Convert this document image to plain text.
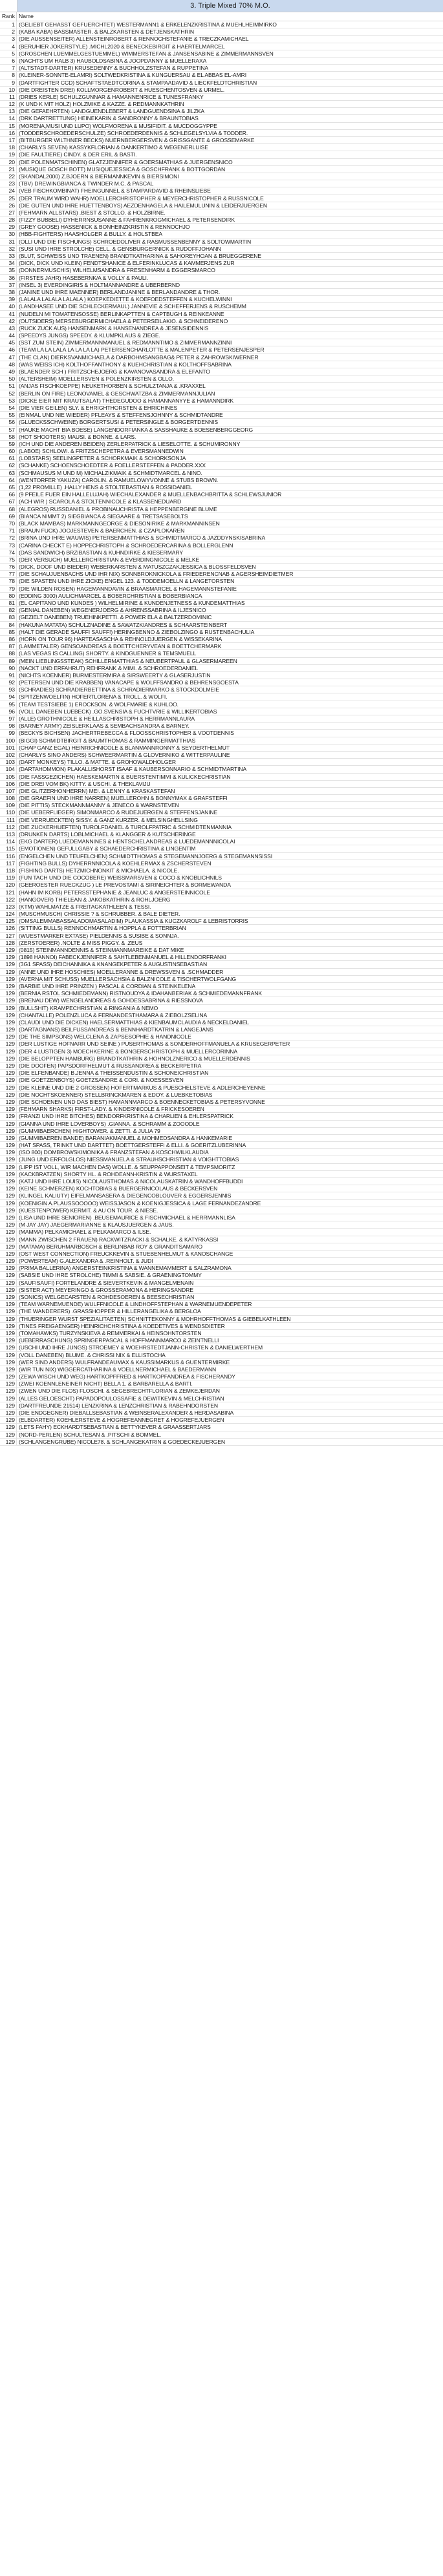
3. Triple Mixed 70% M.O.
Rank Name
1 (GELIEBT GEHASST GEFUERCHTET) WESTERMANN1 & ERKELENZKRISTINA & MUEHLHEIMMIRKO
2 (KABA KABA) BASSMASTER. & BALZKARSTEN & DETJENSKATHRIN
3 (DIE AUSSENSEITER) ALLENSTEINROBERT & RENNOCHSTEFANIE & TRECZKAMICHAEL
4 (BERUHIER JOKERSTYLE) .MICHL2020 & BENECKEBIRGIT & HAERTELMARCEL
5 (GROSCHEN LUEMMELGESTUEMMEL) WIMMERSTEFAN & JANSENSABINE & ZIMMERMANNSVEN
6 (NACHTS UM HALB 3) HAUBOLDSABINA & JOOPDANNY & MUELLERAXA
7 (ALTSTADT-DARTER) KRUSEDENNY & BUCHHOLZSTEFAN & RUPPETINA
8 (KLEINER-SONNTE-ELAMRI) SOLTWEDKRISTINA & KUNGUERSAU & EL ABBAS EL-AMRI
9 (DARTFIGHTER CCD) SCHAFTSTAEDTCORINA & STAMPAADAVID & LIECKFELDTCHRISTIAN
10 (DIE DREISTEN DREI) KOLLMORGENROBERT & HUESCHENTOSVEN & URMEL.
11 (DRIES KERLE) SCHULZGUNNAR & HAMANNENRICE & TUNESFRANKY
12 (K UND K MIT HOLZ) HOLZMIKE & KAZZE. & REDMANNKATHRIN
13 (DIE GEFAEHRTEN) LANDGUENDLEBERT & LANDGUENDSINA & JILZKA
14 (DRK DARTRETTUNG) HEINEKARIN & SANDRONNY & BRAUNTOBIAS
15 (MORENA,MUSI UND LUPO) WOLFMORENA & MUSIFIDIT. & MUCDOGGYPPE
16 (TODDERSCHROEDERSCHULZE) SCHROEDERDENNIS & SCHLEGELSYLVIA & TODDER.
17 (BITBURGER WILTHNER BECKS) NUERNBERGERSVEN & GRISSGANTE & GROSSEMARKE
18 (CHARLYS SEVEN) KASSYKFLORIAN & DANKERTIMO & WEGENERLUISE
19 (DIE FAULTIERE) CINDY. & DER ERIL & BASTI.
20 (DIE POLENMATSCHINEN) GLATZJENNIFER & GOERSMATHIAS & JUERGENSNICO
21 (MUSIQUE GOSCH BOTT) MUSIQUEJESSICA & GOSCHFRANK & BOTTGORDAN
22 (SKANDAL2000) Z.BJOERN & BIERMANNKEVIN & BIERSIMONI
23 (TBV) DREWINGBIANCA & TWINDER M.C. & PASCAL
24 (VEB FISCHKOMBINAT) FHEINGUNNEL & STAMPARDAVID & RHEINSLIEBE
25 (DER TRAUM WIRD WAHR) MOELLERCHRISTOPHER & MEYERCHRISTOPHER & RUSSNICOLE
26 (DIE GUTEN UND IHRE HUETTENBOYS) AEZDENHAGELA & HAILEMULUNIN & LEIDERJUERGEN
27 (FEHMARN ALLSTARS) .BIEST & STOLLO. & HOLZBIRNE.
28 (FIZZY BUBBELI) DYHERRNSUSANNE & FAHRENKROGMICHAEL & PETERSENDIRK
29 (GREY GOOSE) HASSENICK & BONHEINZKRISTIN & RENNOCHJO
30 (HBB-FIGHTERS) HAASHOLGER & BULLY. & HOLSTBEA
31 (OLLI UND DIE FISCHUNGS) SCHROEDOLIVER & RASMUSSENBENNY & SOLTOWMARTIN
32 (SUSI UND IHRE STROLCHE) CELL. & GENSBURGERNICK & RUDOFFJOHANN
33 (BLUT, SCHWEISS UND TRAENEN) BRANDTKATHARINA & SAHOREYHOAN & BRUEGGERENE
34 (DICK, DICK UND KLEIN) FENDTSHANICE & ELFERINKLUCAS & KAMMERJENS ZUR
35 (DONNERMUSCHIS) WILHELMSANDRA & FRESENHARM & EGGERSMARCO
36 (FIRSTES JAHR) HASEBERNK/A & VOLLY & PAULI.
37 (INSEL 3) EVERDINGIRIS & HOLTMANNANDRE & UBERBERND
38 (JANINE UND IHRE MAENNER) BERLANDJANINE & BERLANDANDRE & THOR.
39 (LALALA LALALA LALALA ) KOEPKEDIETTE & KOEFOEDSTEFFEN & KUCHELWINNI
40 (LANDHASEE UND DIE SCHLECKERMAUL) JANNEVIE & SCHEFFERJENS & RUSCHEMM
41 (NUDELN MI TOMATENSOSSE) BERLINKAPTTEN & CAPTBUGH & REINKEANNE
42 (OUTSIDERS) MERSEBURGERMICHAELA & PETERSEILAKIO. & SCHNEIDERENO
43 (RUCK ZUCK AUS) HANSENMARK & HANSENANDREA & JESENSIDENNIS
44 (SPEEDYS JUNGS) SPEEDY. & KLUMPKLAUS & ZIEGE.
45 (SST ZUM STEIN) ZIMMERMANNMANUEL & REDMANNTIMO & ZIMMERMANNZINNI
46 (TEAM LA LA LALA LA LA LA LA) PETERSENCHARLOTTE & MALENPETER & PETERSENJESPER
47 (THE CLAN) DIERKSVANMICHAELA & DARBOHMSANGBAG& PETER & ZAHROWSKIWERNER
48 (WAS WEISS ICH) KOLTHOFFANTHONY & KUEHCHRISTIAN & KOLTHOFFSABRINA
49 (BLAENDER SCH ) FRITZSCHEJOERG & KAVANOVASANDRA & ELEFANTO
50 (ALTERSHEIM) MOELLERSVEN & POLENZKIRSTEN & OLLO.
51 (ANJAS FISCHKOEPPE) NEUKETHORBEN & SCHULZTANJA & .KRAXXEL
52 (BERLIN ON FIRE) LEONOVAMEL & GESCHWATZBA & ZIMMERMANNJULIAN
53 (DICKE EIER MIT KRAUTSALAT) THEDEGUDOO & HAMANNANYYE & HAMANNDIRK
54 (DIE VIER GEILEN) SLY. & EHRIGHTHORSTEN & EHRICHINES
55 (EINMAL UND NIE WIEDER) PFLEAYS & STEFFENSJOHNNY & SCHMIDTANDRE
56 (GLUECKSSCHWEINE) BORGERTSUSI & PETERSINGLE & BORGERTDENNIS
57 (HAUKE MACHT BIA BOESE) LANGENDORFIANKA & SASSHAUKE & BOESENBERGGEORG
58 (HOT SHOOTERS) MAUSI. & BONNE. & LARS.
59 (ICH UND DIE ANDEREN BEIDEN) ZERLERPATRICK & LIESELOTTE. & SCHUMIRONNY
60 (LABOE) SCHLOWI. & FRITZSCHEPETRA & EVERSMANNEDWIN
61 (LOBSTARS) SEELINGPETER & SCHORKMAIK & SCHORKSONJA
62 (SCHANKE) SCHOENSCHOEDTER & FOELLERSTEFFEN & PADDER.XXX
63 (SCHMAUSUS M UND M) MICHALZIKMAIK & SCHMIDTMARCEL & NINO.
64 (WENTORFER YAKUZA) CAROLIN. & RAMUELOWYVONNE & STUBS BROWN.
65 (1,22 PROMILLE) .HALLY HENS & STOLTEBASTIAN & ROSSIDANIEL
66 (9 PFEILE FUER EIN HALLELUJAH) WIECHALEXANDER & MUELLENBACHBRITTA & SCHLEWSJUNIOR
67 (ACH WIR ) SCAROLA & STOLTENNICOLE & KLASSENEDUARD
68 (ALEGROS) RUSSDANIEL & PROBINAUCHRISTA & HEPPENBERGINE BLUME
69 (BIANCA NIMMT 2) SIEGBIANCA & SIEGAARE & TRETSASEBOLTS
70 (BLACK MAMBAS) MARKMANNGEORGE & DIESONIRIKE & MARKMANNINSEN
71 (BRAUN FUCK) JOOJESTEVEN & BAERCHEN. & CZAPLOKAREN
72 (BRINA UND IHRE WAUWIS) PETERSENMATTHIAS & SCHMIDTMARCO & JAZDDYNSKISABRINA
73 (CARINA CHECKT E) HOPPECHRISTOPH & SCHROEDERCARINA & BOLLERGLENN
74 (DAS SANDWICH) BRZIBASTIAN & KUHNDIRKE & KIESERMARY
75 (DER VERSUCH) MUELLERCHRISTIAN & EVERDINGNICOLE & MELKE
76 (DICK, DOOF UND BIEDER) WEBERKARSTEN & MATUSZCZAKJESSICA & BLOSSFELDSVEN
77 (DIE SCHAUJUENBACHS UND IHR NIX) SONNBROKNICKOLA & FRIEDERENCNAB & AGERSHEIMDIETMER
78 (DIE SPASTEN UND IHRE ZICKE) ENGEL 123. & TODDEMOELLN & LANGETORSTEN
79 (DIE WILDEN ROSEN) HAGEMANNDAVIN & BRAASMARCEL & HAGEMANNSTEFANIE
80 (EDDING 3000) AULICHMARCEL & BOBERCHRISTIAN & BOBERBIANCA
81 (EL CAPITANO UND KUNDES ) WILHELMIRINE & KUNDENJETNESS & KUNDEMATTHIAS
82 (GENIAL DANEBEN) WEGENERJOERG & AHRENSSABRINA & ILJESNICO
83 (GEZIELT DANEBEN) TRUEHINKPETTI. & POWER ELA & BALTZERDOMINIC
84 (HAKUNA MATATA) SCHULZNADINE & SAWATZKIANDRES & SCHAARSTEINBERT
85 (HALT DIE GERADE SAUFFI SAUFF!) HERINGBENNO & ZIEBOLZINGO & RUSTENBACHULIA
86 (HORN ON TOUR 96) HARTEASASCHA & REHNOLDJUERGEN & WISSEKARINA
87 (LAMMETALER) GENSOANDREAS & BOETTCHERYVEAN & BOETTCHERMARK
88 (LAS VEGAS IS CALLING) SHORTY. & KINDGUENNER & TEMSMUELL
89 (MEIN LIEBLINGSSTEAK) SCHILLERMATTHIAS & NEUBERTPAUL & GLASERMAREEN
90 (NACKT UND ERFAHRUT) REHFRANK & MIMI. & SCHROEDERDANIEL
91 (NICHTS KOENNER) BURMESTERMIRA & SIRSWEERTY & GLASERJUSTIN
92 (PETERSEN UND DIE KRABBEN) VANACAPE & WOLFFSANDRO & BEHRENSGOESTA
93 (SCHRADIES) SCHRADIERBETTINA & SCHRADIERMARKO & STOCKDOLMEIE
94 (SPITZENWOELFIN) HOFERTLORENA & TROLL. & WOLFI.
95 (TEAM TESTSIEBE 1) EROCKSON. & WOLFMARIE & KUHLOO.
96 (VOLL DANEBEN LUEBECK) .GO.SVENSIA & FUCHTVRIE & WILLIKERTOBIAS
97 (ALLE) GROTHNICOLE & HEILLASCHRISTOPH & HERRMANNLAURA
98 (BARNEY ARMY) ZEISLERKLAAS & SEMBACHSANDRA & BARNEY.
99 (BECKYS BICHSEN) JACHERTREBECCA & FLOOSSCHRISTOPHER & VOOTDENNIS
100 (BIGGI) SCHMIDTBIRGIT & BAUMTHOMAS & RAMMINGERMATTHIAS
101 (CHAP GANZ EGAL) HEINRICHNICOLE & BLANMANNRONNY & SEYDERTHELMUT
102 (CHARLYS SINO ANDERS) SCHWEERMARTIN & GLOVERNIKO & WITTERPAULINE
103 (DART MONKEYS) TILLO. & MATTE. & GROHOWALDHOLGER
104 (DARTAHOMMON) PLAKALLISHORST ISAAF & KAUBERSONNARIO & SCHMIDTMARTINA
105 (DIE FASSGEZICHEN) HAESKEMARTIN & BUERSTENTIMMI & KULICKECHRISTIAN
106 (DIE DREI VOM BK) KITTY. & USCHI. & THEKLAVIJU
107 (DIE GLITZERHONHERRN) MEI. & LENNY & KRASKASTEFAN
108 (DIE GRAEFIN UND IHRE NARREN) MUELLEROHN & BONNYMAX & GRAFSTEFFI
109 (DIE PITTIS) STECKMANNMANNY & JENECO & WARNSTEVEN
110 (DIE UEBERFLIEGER) SIMONMARCO & RUDEJUERGEN & STEFFENSJANINE
111 (DIE VERRUECKTEN) SISSY. & GANZ KURZER. & MELSINGHELLSING
112 (DIE ZUCKERHUEFTEN) TUROLFDANIEL & TUROLFPATRIC & SCHMIDTENMANNIA
113 (DRUNKEN DARTS) LOBLMICHAEL & KLANGGER & KUTSCHERINGE
114 (EKG DARTER) LUEDEMANNINES & HENTSCHELANDREAS & LUEDEMANNNICOLAI
115 (EMOTIONEN) GEFULLGABY & SCHAEDERCHRISTINA & LINGENTIM
116 (ENGELCHEN UND TEUFELCHEN) SCHMIDTTHOMAS & STEGEMANNJOERG & STEGEMANNSISSI
117 (FIGHTING BULLS) DYHERRNNICOLA & KOEHLERMAX & ZSCHERSTEVEN
118 (FISHING DARTS) HETZMICHNONKIT & MICHAELA. & NICOLE.
119 (FUN TACH UND DIE COCOBERE) WEISSMARSVEN & COCO & KNOBLICHNILS
120 (GEEROESTER RUECKZUG ) LE PREVOSTAMI & SIRINEICHTER & BORMEWANDA
121 (HAHN IM KORB) PETERSSTEPHANIE & JEANLUC & ANGERSTEINNICOLE
122 (HANGOVER) THIELEAN & JAKOBKATHRIN & ROHLJOERG
123 (KTM) WAHLMATZE & FREITAGKATHLEEN & TESSI.
124 (MUSCHMUSCH) CHRISSIE ? & SCHRUBBER. & BALE DIETER.
125 (OMSALEMMABASSALADOMASALADIM) PLAUKASSIA & KUCZKAROLF & LEBRISTORRIS
126 (SITTING BULLS) RENNOCHMARTIN & HOPPLA & FOTTERBRIAN
127 (WUESTMARKER EXTASE) PIELDENNIS & SUSIBE & SONNJA.
128 (ZERSTOERER) .NOLTE & MISS PIGGY. & .ZEUS
129 (0815) STEINMANNDENNIS & STEINMANNMAREIKE & DAT MIKE
129 (1898 HANNOI) FABECKJENNIFER & SAHTLEBENMANUEL & HILLENDORFRANKI
129 (3G1 SPASS) DEICHANNIKA & KNANGEKPETER & AUGUSTINSEBASTIAN
129 (ANNE UND IHRE HOSCHIES) MOELLERANNE & DREWSSVEN & .SCHMADDER
129 (AVERNA MIT SCHUSS) MUELLERSACHSIA & BALZNICOLE & TISCHERTWOLFGANG
129 (BARBIE UND IHRE PRINZEN ) PASCAL & CORDIAN & STEINKELENA
129 (BERNIA RSTOL SCHMIEDEMANN) RISTNOUDYA & IDAHANBERIAK & SCHMIEDEMANNFRANK
129 (BRENAU DEW) WENGELANDREAS & GOHDESSABRINA & RIESSNOVA
129 (BULLSHIT) KRAMPECHRISTIAN & RINGANIA & NEMO
129 (CHANTALLE) POLENZLUCA & FERNANDESTHAMARA & ZIEBOLZSELINA
129 (CLAUDI UND DIE DICKEN) HAELSERMATTHIAS & KIENBAUMCLAUDIA & NECKELDANIEL
129 (DARTAGNANS) BEILFUSSANDREAS & BENNHARDTKATRIN & LANGEJANS
129 (DE THE SIMPSONS) WELCLENA & ZAPSESOPHIE & HANDNICOLE
129 (DER LUSTIGE HOFNARR UND SEINE ) PUSERTHOMAS & SONDERHOFFMANUELA & KRUSEGERPETER
129 (DER 4 LUSTIGEN 3) MOECHKERINE & BONGERSCHRISTOPH & MUELLERCORINNA
129 (DIE BELOPPTEN HAMBURG) BRANDTKATHRIN & HOHNOLZNERICO & MUELLERDENNIS
129 (DIE DOOFEN) PAPSDORFHELMUT & RUSSANDREA & BECKERPETRA
129 (DIE ELFENBANDE) B.JENNA & THEISSENDUSTIN & SCHONEICHRISTIAN
129 (DIE GOETZENBOYS) GOETZSANDRE & CORI. & NOESSESVEN
129 (DIE KLEINE UND DIE 2 GROSSEN) HOFERTMARKUS & PUESCHELSTEVE & ADLERCHEYENNE
129 (DIE NOCHTSKOENNER) STELLBRINCKMAREN & EDOY. & LUEBKETOBIAS
129 (DIE SCHOENEN UND DAS BIEST) HAMANNMARCO & BOENNECKETOBIAS & PETERSYVONNE
129 (FEHMARN SHARKS) FIRST-LADY. & KINDERNICOLE & FRICKESOEREN
129 (FRANZI UND IHRE BITCHES) BENDORFKRISTINA & CHARLIEN & EHLERSPATRICK
129 (GIANNA UND IHRE LOVERBOYS) .GIANNA. & SCHRAMM & ZOOODLE
129 (GUMMIBAERCHEN) HIGHTOWER. & ZETTI. & JULIA 79
129 (GUMMIBAEREN BANDE) BARANIAKMANUEL & MOHMEDSANDRA & HANKEMARIE
129 (HAT SPASS, TRINKT UND DARTTET) BOETTGERSTEFFI & ELLI. & GOERITZLUBERINNA
129 (ISO 800) DOMBROWSKIMONIKA & FRANZSTEFAN & KOSCHWILKLAUDIA
129 (JUNG UND ERFOLGLOS) NIESSMANUELA & STRAUHSCHRISTIAN & VOIGHTTOBIAS
129 (LIPP IST VOLL, WIR MACHEN DAS) WOLLE. & SEUPPAPPONSEIT & TEMPSMORITZ
129 (KACKBRATZEN) SHORTY HL. & ROHDEANN-KRISTIN & WURSTAXEL
129 (KATJ UND IHRE LOUIS) NICOLAUSTHOMAS & NICOLAUSKATRIN & WANDHOFFBUDDI
129 (KEINE SCHMERZEN) KOCHTOBIAS & BUERGERNICOLAUS & BECKERSVEN
129 (KLINGEL KALIUTY) EIFELMANSASERA & DIEGENCOBLOUVER & EGGERSJENNIS
129 (KOENIGIN A.PLAUSSOOOOO) WEISSJASON & KOENIGJESSICA & LAGE FERNANDEZANDRE
129 (KUESTENPOWER) KERMIT. & AU ON TOUR. & NIESE.
129 (LISA UND IHRE SENIOREN) .BEUSEMAURICE & FISCHMICHAEL & HERRMANNLISA
129 (M JAY JAY) JAEGERMARIANNE & KLAUSJUERGEN & JAUS.
129 (MAMMA) PELKAMICHAEL & PELKAMARCO & ILSE.
129 (MANN ZWISCHEN 2 FRAUEN) RACKWITZRACKI & SCHALKE. & KATYRKASSI
129 (MATAMA) BERUHMARBOSCH & BERLINBAB ROY & GRANDITSAMARO
129 (OST WEST CONNECTION) FREUCKKEVIN & STUEBENHELMUT & KANOSCHANGE
129 (POWERTEAM) G.ALEXANDRA & .REINHOLT. & JUDI
129 (PRIMA BALLERINA) ANGERSTEINKRISTINA & WANNEMAMMERT & SALZRAMONA
129 (SABSIE UND IHRE STROLCHE) TIMMI & SABSIE. & GRAENINGTOMMY
129 (SAUFISAUFI) FORTELANDRE & SIEVERTKEVIN & MANGELMENAIN
129 (SISTER ACT) MEYERINGO & GROSSERAMONA & HERINGSANDRE
129 (SONICS) WELGECARSTEN & ROHDESOEREN & BEESECHRISTIAN
129 (TEAM WARNEMUENDE) WULFFNICOLE & LINDHOFFSTEPHAN & WARNEMUENDEPETER
129 (THE WANDERERS) .GRASSHOPPER & HILLERANGELIKA & BERGLOA
129 (THUERINGER WURST SPEZIALITAETEN) SCHNITTEKONNY & MOHRHOFFTHOMAS & GIEBELKATHLEEN
129 (TINES FREIGAENGER) HEINRICHCHRISTINA & KOEDETIVES & WENDSDIETER
129 (TOMAHAWKS) TURZYNSKIEVA & REMMERKAI & HEINSOHNTORSTEN
129 (UEBERRASCHUNG) SPRINGERPASCAL & HOFFMANNMARCO & ZEINTNELLI
129 (USCHI UND IHRE JUNGS) STROEMEY & WOEHRSTEDTJANN-CHRISTEN & DANIELWERTHEM
129 (VOLL DANEBEN) BLUME. & CHRISSI NIX & ELLISTOCHA
129 (WER SIND ANDERS) WULFRANDEAUMAX & KAUSSIMARKUS & GUENTERMIRKE
129 (WIR TUN NIX) WIGGERCATHARINA & VOELLNERMICHAEL & BAEDERMANN
129 (ZEWA WISCH UND WEG) HARTKOPFFRED & HARTKOPFANDREA & FISCHERANDY
129 (ZWEI KOENNLENEINER NICHT) BELLA 1. & BARBARELLA & BARTI.
129 (ZWEN UND DIE FLOS) FLOSCHI. & SEGEBRECHTFLORIAN & ZEMKEJERDAN
129 (ALLES GELOESCHT) PAPADOPOULOSSAFIE & DEWITKEVIN & MELCHRISTIAN
129 (DARTFREUNDE 21514) LENZKRINA & LENZCHRISTIAN & RABEHNDORSTEN
129 (DIE ENDGEGNER) DIEBALLSEBASTIAN & WEINSERALEXANDER & HERDASABINA
129 (ELBDARTER) KOEHLERSTEVE & HOGREFEANNEGRET & HOGREFEJUERGEN
129 (LETS FAHY) ECKHARDTSEBASTIAN & BETTYKEVER & GRAASSERTJARS
129 (NORD-PERLEN) SCHULTESAN & .PITSCHI & BOMMEL.
129 (SCHLANGENGRUBE) NICOLE78. & SCHLANGEKATRIN & GOEDECKEJUERGEN
